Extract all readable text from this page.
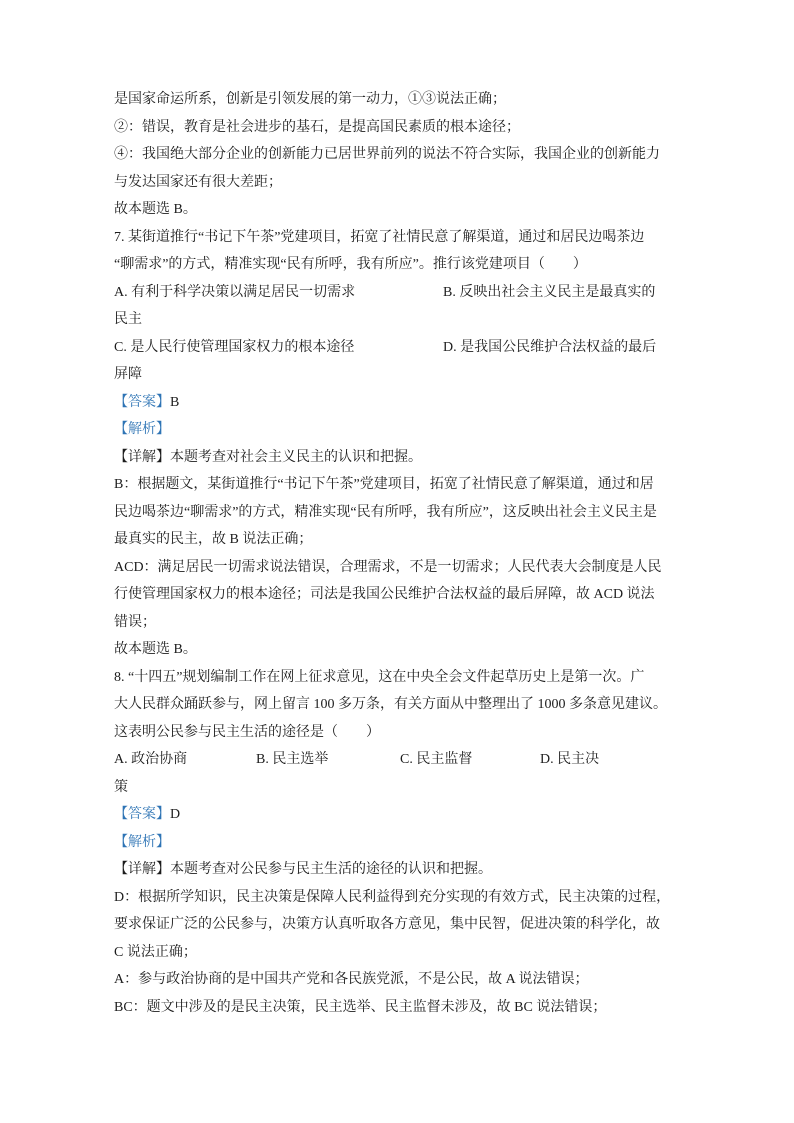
是国家命运所系，创新是引领发展的第一动力，①③说法正确；
②：错误，教育是社会进步的基石，是提高国民素质的根本途径；
④：我国绝大部分企业的创新能力已居世界前列的说法不符合实际，我国企业的创新能力
与发达国家还有很大差距；
故本题选 B。
7. 某街道推行“书记下午茶”党建项目，拓宽了社情民意了解渠道，通过和居民边喝茶边
“聊需求”的方式，精准实现“民有所呼，我有所应”。推行该党建项目（　　）
A. 有利于科学决策以满足居民一切需求	B. 反映出社会主义民主是最真实的
民主
C. 是人民行使管理国家权力的根本途径	D. 是我国公民维护合法权益的最后
屏障
【答案】B
【解析】
【详解】本题考查对社会主义民主的认识和把握。
B：根据题文，某街道推行“书记下午茶”党建项目，拓宽了社情民意了解渠道，通过和居
民边喝茶边“聊需求”的方式，精准实现“民有所呼，我有所应”，这反映出社会主义民主是
最真实的民主，故 B 说法正确；
ACD：满足居民一切需求说法错误，合理需求，不是一切需求；人民代表大会制度是人民
行使管理国家权力的根本途径；司法是我国公民维护合法权益的最后屏障，故 ACD 说法
错误；
故本题选 B。
8. “十四五”规划编制工作在网上征求意见，这在中央全会文件起草历史上是第一次。广
大人民群众踊跃参与，网上留言 100 多万条，有关方面从中整理出了 1000 多条意见建议。
这表明公民参与民主生活的途径是（　　）
A. 政治协商	B. 民主选举	C. 民主监督	D. 民主决
策
【答案】D
【解析】
【详解】本题考查对公民参与民主生活的途径的认识和把握。
D：根据所学知识，民主决策是保障人民利益得到充分实现的有效方式，民主决策的过程，
要求保证广泛的公民参与，决策方认真听取各方意见，集中民智，促进决策的科学化，故
C 说法正确；
A：参与政治协商的是中国共产党和各民族党派，不是公民，故 A 说法错误；
BC：题文中涉及的是民主决策，民主选举、民主监督未涉及，故 BC 说法错误；
